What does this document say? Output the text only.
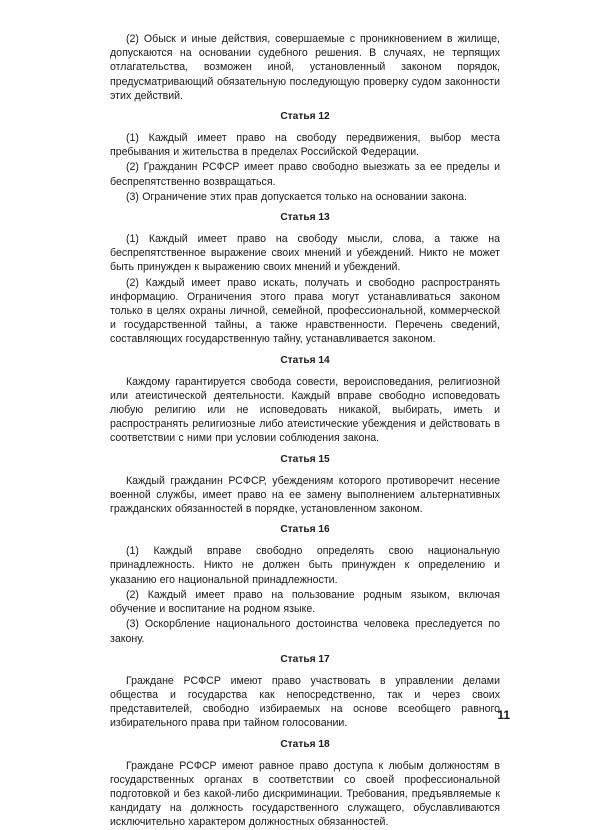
(2) Обыск и иные действия, совершаемые с проникновением в жилище, допускаются на основании судебного решения. В случаях, не терпящих отлагательства, возможен иной, установленный законом порядок, предусматривающий обязательную последующую проверку судом законности этих действий.

Статья 12

(1) Каждый имеет право на свободу передвижения, выбор места пребывания и жительства в пределах Российской Федерации.

(2) Гражданин РСФСР имеет право свободно выезжать за ее пределы и беспрепятственно возвращаться.

(3) Ограничение этих прав допускается только на основании закона.

Статья 13

(1) Каждый имеет право на свободу мысли, слова, а также на беспрепятственное выражение своих мнений и убеждений. Никто не может быть принужден к выражению своих мнений и убеждений.

(2) Каждый имеет право искать, получать и свободно распространять информацию. Ограничения этого права могут устанавливаться законом только в целях охраны личной, семейной, профессиональной, коммерческой и государственной тайны, а также нравственности. Перечень сведений, составляющих государственную тайну, устанавливается законом.

Статья 14

Каждому гарантируется свобода совести, вероисповедания, религиозной или атеистической деятельности. Каждый вправе свободно исповедовать любую религию или не исповедовать никакой, выбирать, иметь и распространять религиозные либо атеистические убеждения и действовать в соответствии с ними при условии соблюдения закона.

Статья 15

Каждый гражданин РСФСР, убеждениям которого противоречит несение военной службы, имеет право на ее замену выполнением альтернативных гражданских обязанностей в порядке, установленном законом.

Статья 16

(1) Каждый вправе свободно определять свою национальную принадлежность. Никто не должен быть принужден к определению и указанию его национальной принадлежности.

(2) Каждый имеет право на пользование родным языком, включая обучение и воспитание на родном языке.

(3) Оскорбление национального достоинства человека преследуется по закону.

Статья 17

Граждане РСФСР имеют право участвовать в управлении делами общества и государства как непосредственно, так и через своих представителей, свободно избираемых на основе всеобщего равного избирательного права при тайном голосовании.

Статья 18

Граждане РСФСР имеют равное право доступа к любым должностям в государственных органах в соответствии со своей профессиональной подготовкой и без какой-либо дискриминации. Требования, предъявляемые к кандидату на должность государственного служащего, обуславливаются исключительно характером должностных обязанностей.

11
